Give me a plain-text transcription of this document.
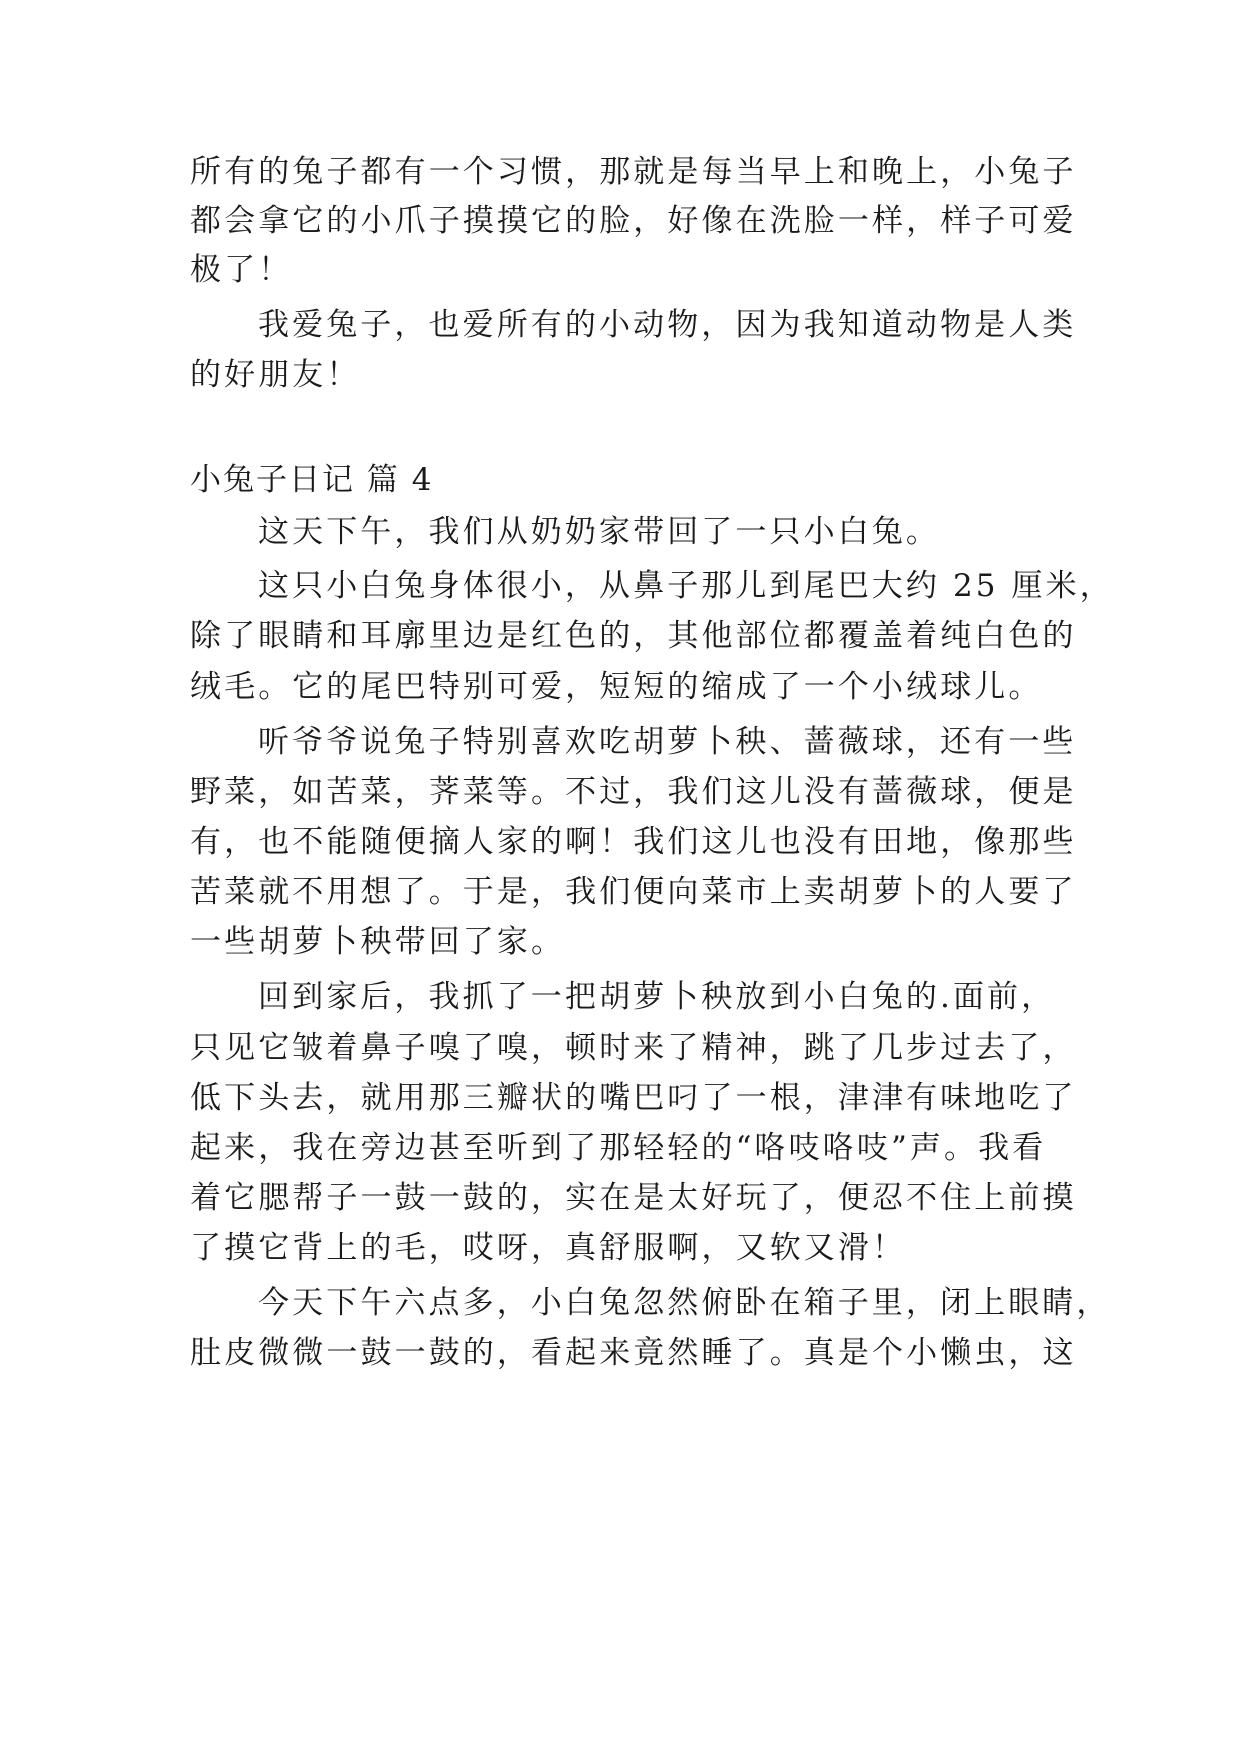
所有的兔子都有一个习惯，那就是每当早上和晚上，小兔子
都会拿它的小爪子摸摸它的脸，好像在洗脸一样，样子可爱
极了！
我爱兔子，也爱所有的小动物，因为我知道动物是人类
的好朋友！
小兔子日记 篇 4
这天下午，我们从奶奶家带回了一只小白兔。
这只小白兔身体很小，从鼻子那儿到尾巴大约 25 厘米，
除了眼睛和耳廓里边是红色的，其他部位都覆盖着纯白色的
绒毛。它的尾巴特别可爱，短短的缩成了一个小绒球儿。
听爷爷说兔子特别喜欢吃胡萝卜秧、蔷薇球，还有一些
野菜，如苦菜，荠菜等。不过，我们这儿没有蔷薇球，便是
有，也不能随便摘人家的啊！我们这儿也没有田地，像那些
苦菜就不用想了。于是，我们便向菜市上卖胡萝卜的人要了
一些胡萝卜秧带回了家。
回到家后，我抓了一把胡萝卜秧放到小白兔的.面前，
只见它皱着鼻子嗅了嗅，顿时来了精神，跳了几步过去了，
低下头去，就用那三瓣状的嘴巴叼了一根，津津有味地吃了
起来，我在旁边甚至听到了那轻轻的“咯吱咯吱”声。我看
着它腮帮子一鼓一鼓的，实在是太好玩了，便忍不住上前摸
了摸它背上的毛，哎呀，真舒服啊，又软又滑！
今天下午六点多，小白兔忽然俯卧在箱子里，闭上眼睛，
肚皮微微一鼓一鼓的，看起来竟然睡了。真是个小懒虫，这
